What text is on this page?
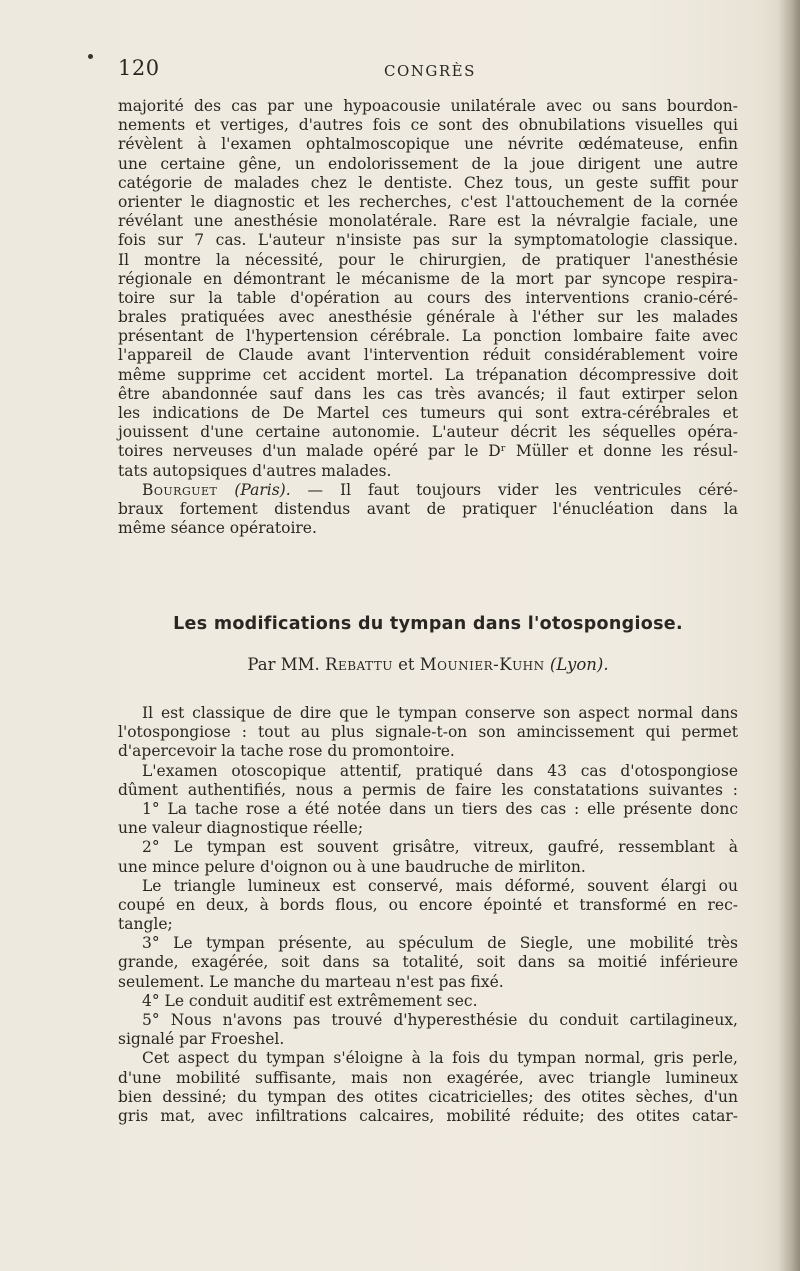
120	CONGRÈS
majorité des cas par une hypoacousie unilatérale avec ou sans bourdon-
nements et vertiges, d'autres fois ce sont des obnubilations visuelles qui
révèlent à l'examen ophtalmoscopique une névrite œdémateuse, enfin
une certaine gêne, un endolorissement de la joue dirigent une autre
catégorie de malades chez le dentiste. Chez tous, un geste suffit pour
orienter le diagnostic et les recherches, c'est l'attouchement de la cornée
révélant une anesthésie monolatérale. Rare est la névralgie faciale, une
fois sur 7 cas. L'auteur n'insiste pas sur la symptomatologie classique.
Il montre la nécessité, pour le chirurgien, de pratiquer l'anesthésie
régionale en démontrant le mécanisme de la mort par syncope respira-
toire sur la table d'opération au cours des interventions cranio-céré-
brales pratiquées avec anesthésie générale à l'éther sur les malades
présentant de l'hypertension cérébrale. La ponction lombaire faite avec
l'appareil de Claude avant l'intervention réduit considérablement voire
même supprime cet accident mortel. La trépanation décompressive doit
être abandonnée sauf dans les cas très avancés; il faut extirper selon
les indications de De Martel ces tumeurs qui sont extra-cérébrales et
jouissent d'une certaine autonomie. L'auteur décrit les séquelles opéra-
toires nerveuses d'un malade opéré par le Dʳ Müller et donne les résul-
tats autopsiques d'autres malades.
Bourguet (Paris). — Il faut toujours vider les ventricules céré-
braux fortement distendus avant de pratiquer l'énucléation dans la
même séance opératoire.
Les modifications du tympan dans l'otospongiose.
Par MM. Rebattu et Mounier-Kuhn (Lyon).
Il est classique de dire que le tympan conserve son aspect normal dans
l'otospongiose : tout au plus signale-t-on son amincissement qui permet
d'apercevoir la tache rose du promontoire.
L'examen otoscopique attentif, pratiqué dans 43 cas d'otospongiose
dûment authentifiés, nous a permis de faire les constatations suivantes :
1° La tache rose a été notée dans un tiers des cas : elle présente donc
une valeur diagnostique réelle;
2° Le tympan est souvent grisâtre, vitreux, gaufré, ressemblant à
une mince pelure d'oignon ou à une baudruche de mirliton.
Le triangle lumineux est conservé, mais déformé, souvent élargi ou
coupé en deux, à bords flous, ou encore épointé et transformé en rec-
tangle;
3° Le tympan présente, au spéculum de Siegle, une mobilité très
grande, exagérée, soit dans sa totalité, soit dans sa moitié inférieure
seulement. Le manche du marteau n'est pas fixé.
4° Le conduit auditif est extrêmement sec.
5° Nous n'avons pas trouvé d'hyperesthésie du conduit cartilagineux,
signalé par Froeshel.
Cet aspect du tympan s'éloigne à la fois du tympan normal, gris perle,
d'une mobilité suffisante, mais non exagérée, avec triangle lumineux
bien dessiné; du tympan des otites cicatricielles; des otites sèches, d'un
gris mat, avec infiltrations calcaires, mobilité réduite; des otites catar-
